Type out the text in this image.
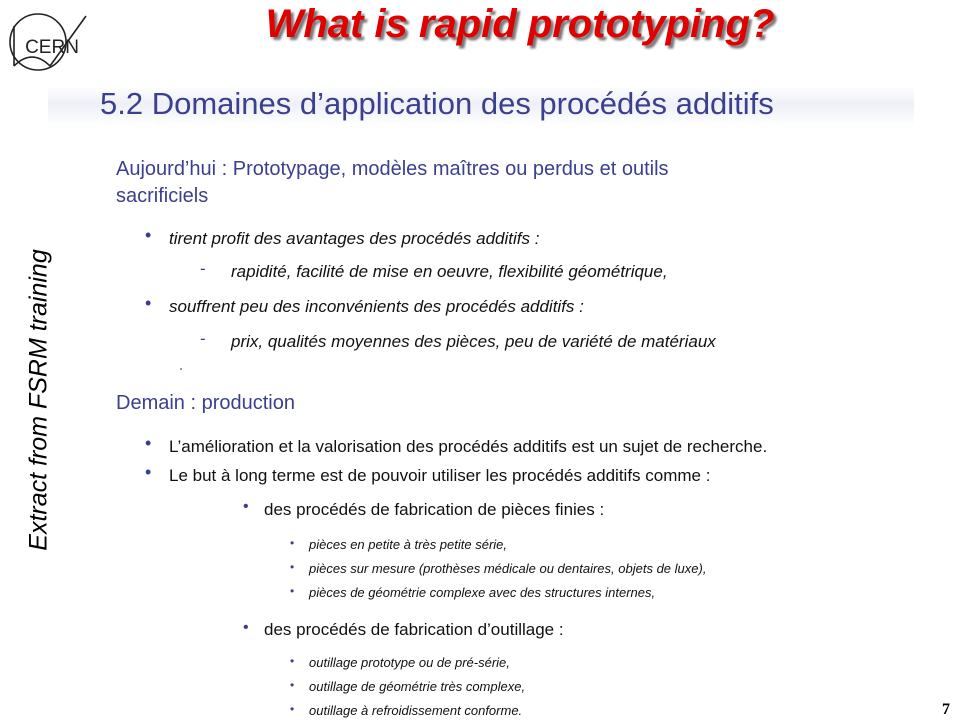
CERN
What is rapid prototyping?
5.2 Domaines d’application des procédés additifs
Extract from FSRM training
Aujourd’hui : Prototypage, modèles maîtres ou perdus et outils sacrificiels
• tirent profit des avantages des procédés additifs :
- rapidité, facilité de mise en oeuvre, flexibilité géométrique,
• souffrent peu des inconvénients des procédés additifs :
- prix, qualités moyennes des pièces, peu de variété de matériaux
Demain : production
• L’amélioration et la valorisation des procédés additifs est un sujet de recherche.
• Le but à long terme est de pouvoir utiliser les procédés additifs comme :
• des procédés de fabrication de pièces finies :
• pièces en petite à très petite série,
• pièces sur mesure (prothèses médicale ou dentaires, objets de luxe),
• pièces de géométrie complexe avec des structures internes,
• des procédés de fabrication d’outillage :
• outillage prototype ou de pré-série,
• outillage de géométrie très complexe,
• outillage à refroidissement conforme.	7
